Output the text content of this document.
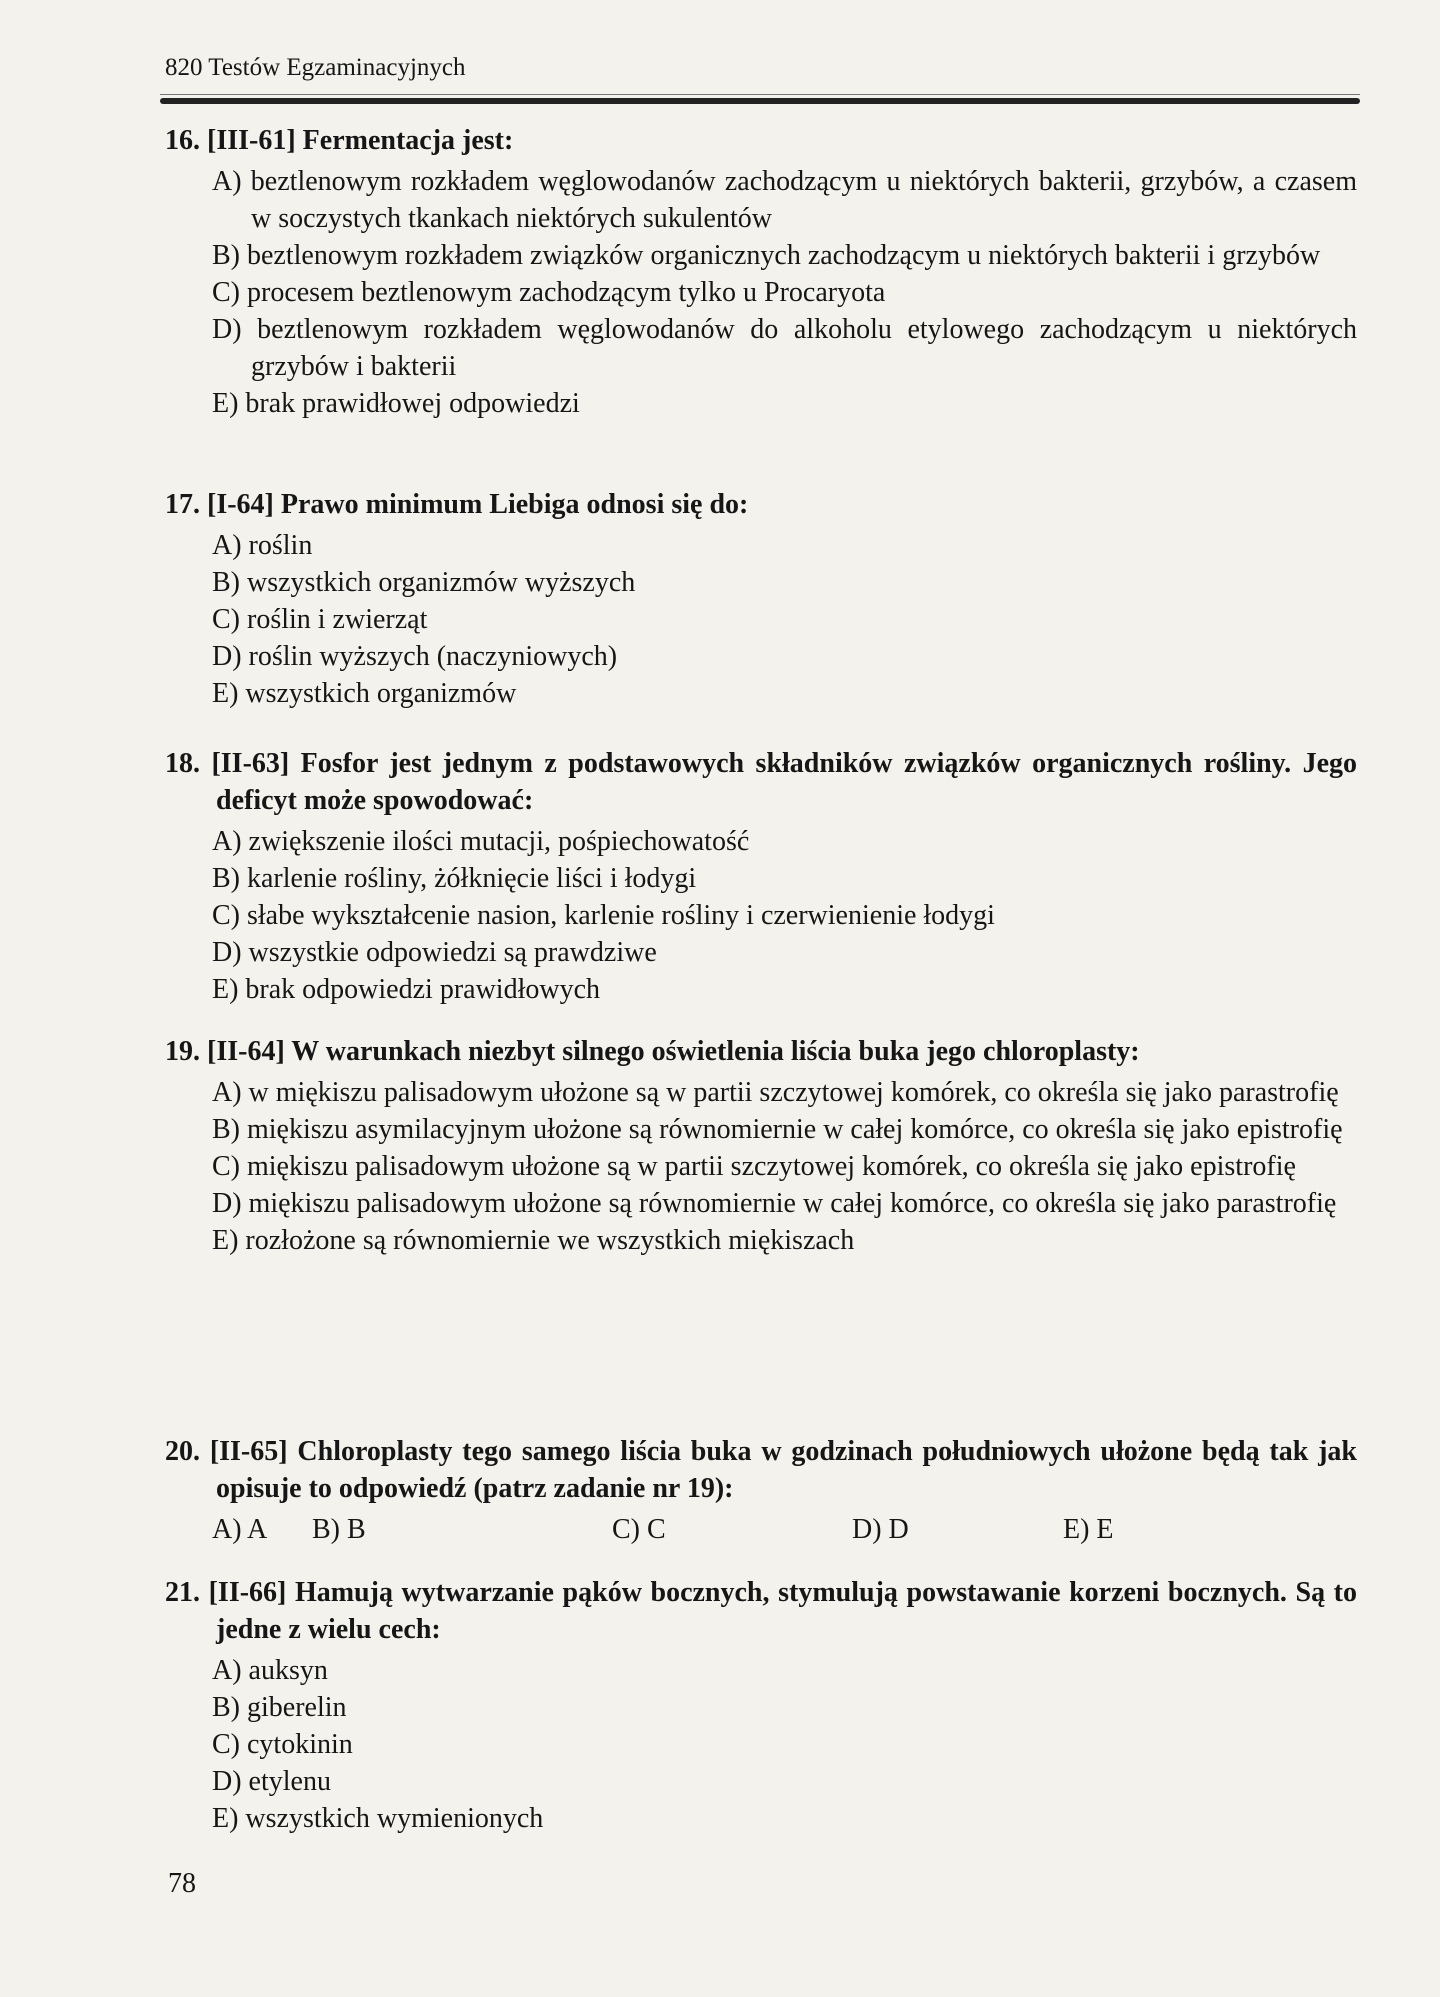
820 Testów Egzaminacyjnych
16. [III-61] Fermentacja jest:
A) beztlenowym rozkładem węglowodanów zachodzącym u niektórych bakterii, grzybów, a czasem w soczystych tkankach niektórych sukulentów
B) beztlenowym rozkładem związków organicznych zachodzącym u niektórych bakterii i grzybów
C) procesem beztlenowym zachodzącym tylko u Procaryota
D) beztlenowym rozkładem węglowodanów do alkoholu etylowego zachodzącym u niektórych grzybów i bakterii
E) brak prawidłowej odpowiedzi
17. [I-64] Prawo minimum Liebiga odnosi się do:
A) roślin
B) wszystkich organizmów wyższych
C) roślin i zwierząt
D) roślin wyższych (naczyniowych)
E) wszystkich organizmów
18. [II-63] Fosfor jest jednym z podstawowych składników związków organicznych rośliny. Jego deficyt może spowodować:
A) zwiększenie ilości mutacji, pośpiechowatość
B) karlenie rośliny, żółknięcie liści i łodygi
C) słabe wykształcenie nasion, karlenie rośliny i czerwienienie łodygi
D) wszystkie odpowiedzi są prawdziwe
E) brak odpowiedzi prawidłowych
19. [II-64] W warunkach niezbyt silnego oświetlenia liścia buka jego chloroplasty:
A) w miękiszu palisadowym ułożone są w partii szczytowej komórek, co określa się jako parastrofię
B) miękiszu asymilacyjnym ułożone są równomiernie w całej komórce, co określa się jako epistrofię
C) miękiszu palisadowym ułożone są w partii szczytowej komórek, co określa się jako epistrofię
D) miękiszu palisadowym ułożone są równomiernie w całej komórce, co określa się jako parastrofię
E) rozłożone są równomiernie we wszystkich miękiszach
20. [II-65] Chloroplasty tego samego liścia buka w godzinach południowych ułożone będą tak jak opisuje to odpowiedź (patrz zadanie nr 19):
A) A	B) B	C) C	D) D	E) E
21. [II-66] Hamują wytwarzanie pąków bocznych, stymulują powstawanie korzeni bocznych. Są to jedne z wielu cech:
A) auksyn
B) giberelin
C) cytokinin
D) etylenu
E) wszystkich wymienionych
78
